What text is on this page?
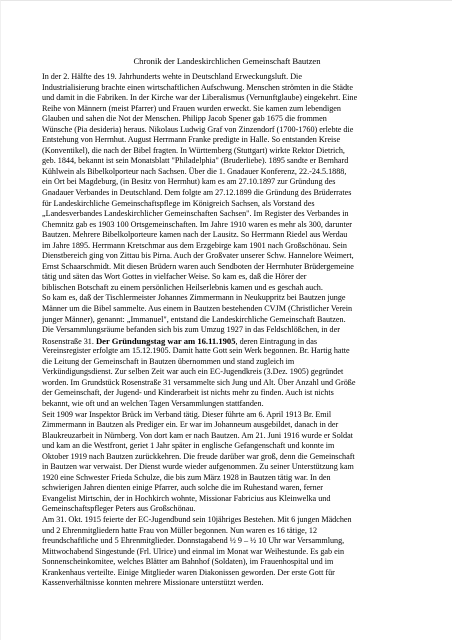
Chronik der Landeskirchlichen Gemeinschaft Bautzen
In der 2. Hälfte des 19. Jahrhunderts wehte in Deutschland Erweckungsluft. Die
Industrialisierung brachte einen wirtschaftlichen Aufschwung. Menschen strömten in die Städte
und damit in die Fabriken. In der Kirche war der Liberalismus (Vernunftglaube) eingekehrt. Eine
Reihe von Männern (meist Pfarrer) und Frauen wurden erweckt. Sie kamen zum lebendigen
Glauben und sahen die Not der Menschen. Philipp Jacob Spener gab 1675 die frommen
Wünsche (Pia desideria) heraus. Nikolaus Ludwig Graf von Zinzendorf (1700-1760) erlebte die
Entstehung von Herrnhut. August Herrmann Franke predigte in Halle. So entstanden Kreise
(Konventikel), die nach der Bibel fragten. In Württemberg (Stuttgart) wirkte Rektor Dietrich,
geb. 1844, bekannt ist sein Monatsblatt "Philadelphia" (Bruderliebe). 1895 sandte er Bernhard
Kühlwein als Bibelkolporteur nach Sachsen. Über die 1. Gnadauer Konferenz, 22.-24.5.1888,
ein Ort bei Magdeburg, (in Besitz von Herrnhut) kam es am 27.10.1897 zur Gründung des
Gnadauer Verbandes in Deutschland. Dem folgte am 27.12.1899 die Gründung des Brüderrates
für Landeskirchliche Gemeinschaftspflege im Königreich Sachsen, als Vorstand des
„Landesverbandes Landeskirchlicher Gemeinschaften Sachsen". Im Register des Verbandes in
Chemnitz gab es 1903 100 Ortsgemeinschaften. Im Jahre 1910 waren es mehr als 300, darunter
Bautzen. Mehrere Bibelkolporteure kamen nach der Lausitz. So Herrmann Riedel aus Werdau
im Jahre 1895. Herrmann Kretschmar aus dem Erzgebirge kam 1901 nach Großschönau. Sein
Dienstbereich ging von Zittau bis Pirna. Auch der Großvater unserer Schw. Hannelore Weimert,
Ernst Schaarschmidt. Mit diesen Brüdern waren auch Sendboten der Herrnhuter Brüdergemeine
tätig und säten das Wort Gottes in vielfacher Weise. So kam es, daß die Hörer der
biblischen Botschaft zu einem persönlichen Heilserlebnis kamen und es geschah auch.
So kam es, daß der Tischlermeister Johannes Zimmermann in Neukuppritz bei Bautzen junge
Männer um die Bibel sammelte. Aus einem in Bautzen bestehenden CVJM (Christlicher Verein
junger Männer), genannt: „Immanuel", entstand die Landeskirchliche Gemeinschaft Bautzen.
Die Versammlungsräume befanden sich bis zum Umzug 1927 in das Feldschlößchen, in der
Rosenstraße 31. Der Gründungstag war am 16.11.1905, deren Eintragung in das
Vereinsregister erfolgte am 15.12.1905. Damit hatte Gott sein Werk begonnen. Br. Hartig hatte
die Leitung der Gemeinschaft in Bautzen übernommen und stand zugleich im
Verkündigungsdienst. Zur selben Zeit war auch ein EC-Jugendkreis (3.Dez. 1905) gegründet
worden. Im Grundstück Rosenstraße 31 versammelte sich Jung und Alt. Über Anzahl und Größe
der Gemeinschaft, der Jugend- und Kinderarbeit ist nichts mehr zu finden. Auch ist nichts
bekannt, wie oft und an welchen Tagen Versammlungen stattfanden.
Seit 1909 war Inspektor Brück im Verband tätig. Dieser führte am 6. April 1913 Br. Emil
Zimmermann in Bautzen als Prediger ein. Er war im Johanneum ausgebildet, danach in der
Blaukreuzarbeit in Nürnberg. Von dort kam er nach Bautzen. Am 21. Juni 1916 wurde er Soldat
und kam an die Westfront, geriet 1 Jahr später in englische Gefangenschaft und konnte im
Oktober 1919 nach Bautzen zurückkehren. Die freude darüber war groß, denn die Gemeinschaft
in Bautzen war verwaist. Der Dienst wurde wieder aufgenommen. Zu seiner Unterstützung kam
1920 eine Schwester Frieda Schulze, die bis zum März 1928 in Bautzen tätig war. In den
schwierigen Jahren dienten einige Pfarrer, auch solche die im Ruhestand waren, ferner
Evangelist Mirtschin, der in Hochkirch wohnte, Missionar Fabricius aus Kleinwelka und
Gemeinschaftspfleger Peters aus Großschönau.
Am 31. Okt. 1915 feierte der EC-Jugendbund sein 10jähriges Bestehen. Mit 6 jungen Mädchen
und 2 Ehrenmitgliedern hatte Frau von Müller begonnen. Nun waren es 16 tätige, 12
freundschaftliche und 5 Ehrenmitglieder. Donnstagabend ½ 9 – ½ 10 Uhr war Versammlung,
Mittwochabend Singestunde (Frl. Ulrice) und einmal im Monat war Weihestunde. Es gab ein
Sonnenscheinkomitee, welches Blätter am Bahnhof (Soldaten), im Frauenhospital und im
Krankenhaus verteilte. Einige Mitglieder waren Diakonissen geworden. Der erste Gott für
Kassenverhältnisse konnten mehrere Missionare unterstützt werden.
